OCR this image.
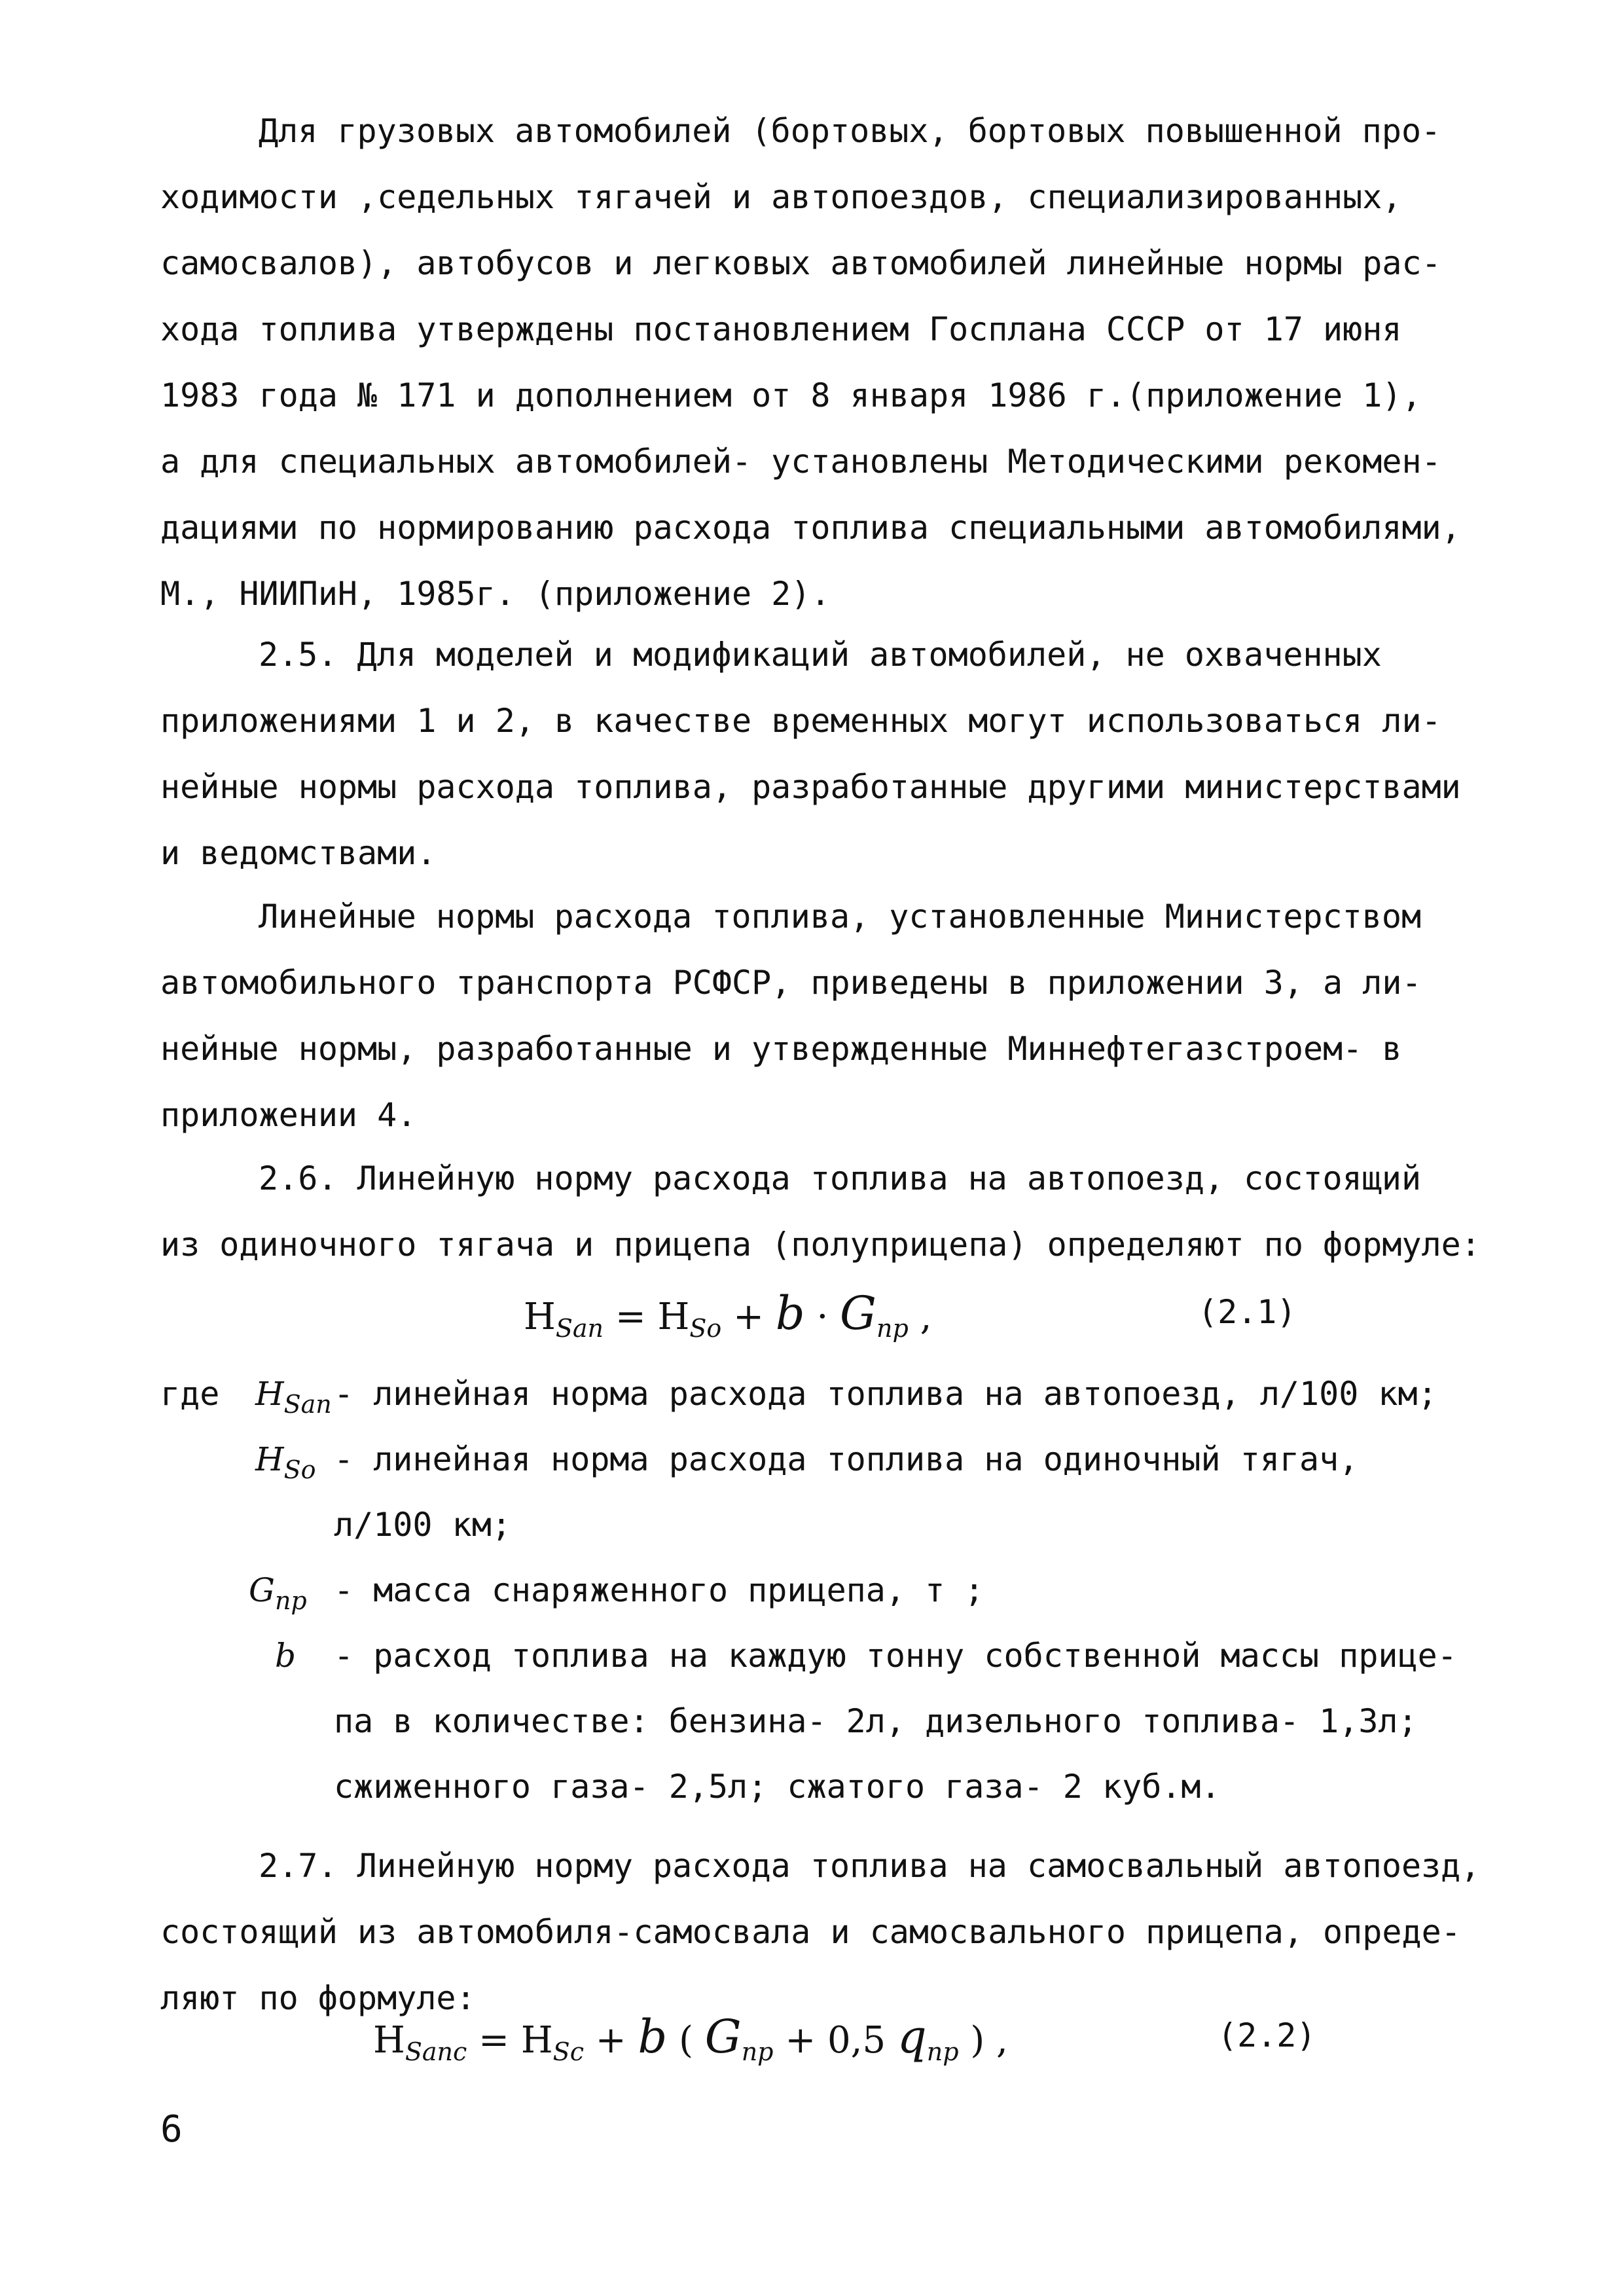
Для грузовых автомобилей (бортовых, бортовых повышенной про-
ходимости ,седельных тягачей и автопоездов, специализированных,
самосвалов), автобусов и легковых автомобилей линейные нормы рас-
хода топлива утверждены постановлением Госплана СССР от 17 июня
1983 года № 171 и дополнением от 8 января 1986 г.(приложение 1),
а для специальных автомобилей- установлены Методическими рекомен-
дациями по нормированию расхода топлива специальными автомобилями,
М., НИИПиН, 1985г. (приложение 2).
2.5. Для моделей и модификаций автомобилей, не охваченных
приложениями 1 и 2, в качестве временных могут использоваться ли-
нейные нормы расхода топлива, разработанные другими министерствами
и ведомствами.
Линейные нормы расхода топлива, установленные Министерством
автомобильного транспорта РСФСР, приведены в приложении 3, а ли-
нейные нормы, разработанные и утвержденные Миннефтегазстроем- в
приложении 4.
2.6. Линейную норму расхода топлива на автопоезд, состоящий
из одиночного тягача и прицепа (полуприцепа) определяют по формуле:
$H_{San} = H_{So} + b \cdot G_{пр}$ ,	(2.1)
где $H_{San}$ - линейная норма расхода топлива на автопоезд, л/100 км;
$H_{So}$ - линейная норма расхода топлива на одиночный тягач,
л/100 км;
$G_{пр}$ - масса снаряженного прицепа, т ;
b - расход топлива на каждую тонну собственной массы прице-
па в количестве: бензина- 2л, дизельного топлива- 1,3л;
сжиженного газа- 2,5л; сжатого газа- 2 куб.м.
2.7. Линейную норму расхода топлива на самосвальный автопоезд,
состоящий из автомобиля-самосвала и самосвального прицепа, опреде-
ляют по формуле:
$H_{Sanc} = H_{Sc} + b$ ( $G_{пр} + 0,5$ $q_{пр}$ ) ,	(2.2)
6
